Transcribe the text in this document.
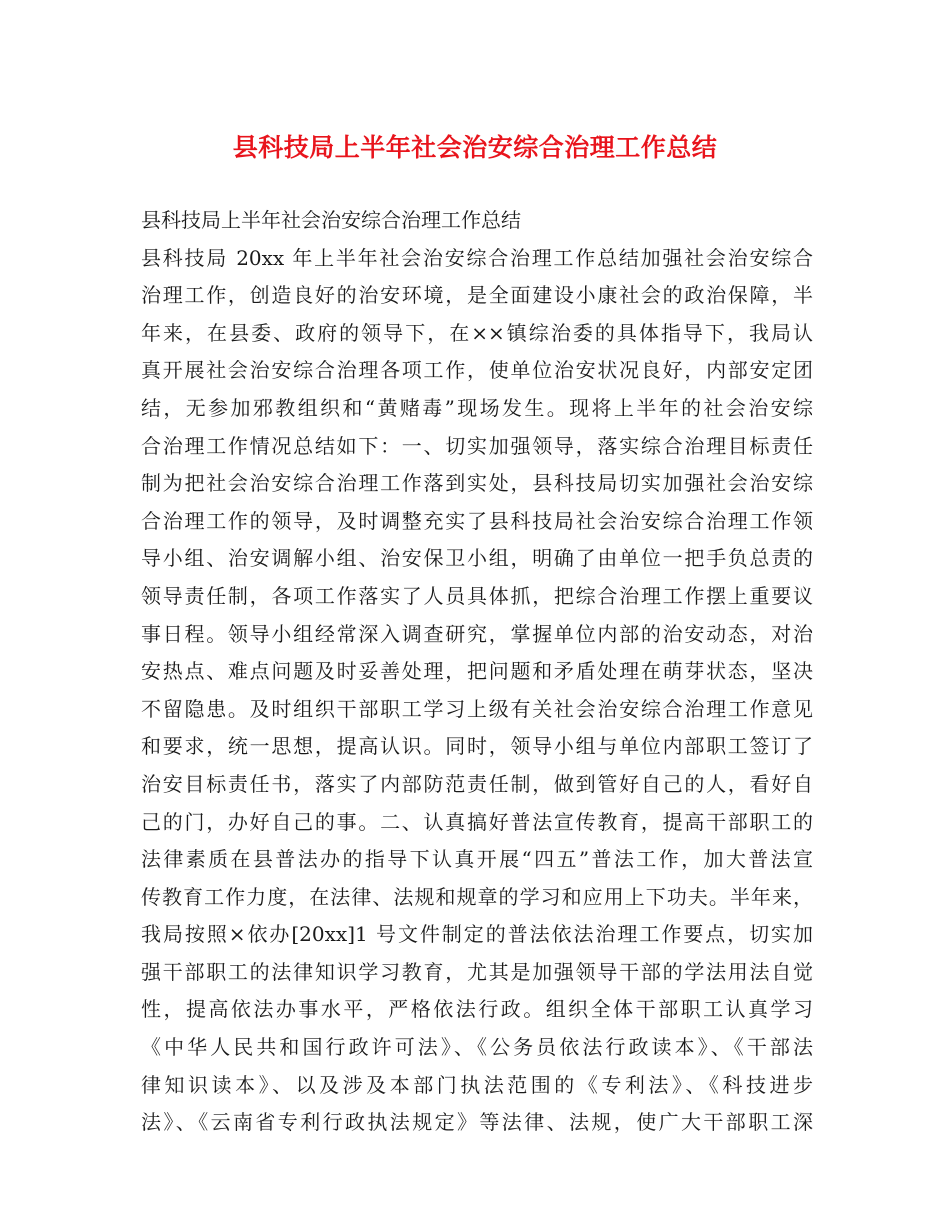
县科技局上半年社会治安综合治理工作总结
县科技局上半年社会治安综合治理工作总结
县科技局 20xx 年上半年社会治安综合治理工作总结加强社会治安综合
治理工作，创造良好的治安环境，是全面建设小康社会的政治保障，半
年来，在县委、政府的领导下，在××镇综治委的具体指导下，我局认
真开展社会治安综合治理各项工作，使单位治安状况良好，内部安定团
结，无参加邪教组织和“黄赌毒”现场发生。现将上半年的社会治安综
合治理工作情况总结如下：一、切实加强领导，落实综合治理目标责任
制为把社会治安综合治理工作落到实处，县科技局切实加强社会治安综
合治理工作的领导，及时调整充实了县科技局社会治安综合治理工作领
导小组、治安调解小组、治安保卫小组，明确了由单位一把手负总责的
领导责任制，各项工作落实了人员具体抓，把综合治理工作摆上重要议
事日程。领导小组经常深入调查研究，掌握单位内部的治安动态，对治
安热点、难点问题及时妥善处理，把问题和矛盾处理在萌芽状态，坚决
不留隐患。及时组织干部职工学习上级有关社会治安综合治理工作意见
和要求，统一思想，提高认识。同时，领导小组与单位内部职工签订了
治安目标责任书，落实了内部防范责任制，做到管好自己的人，看好自
己的门，办好自己的事。二、认真搞好普法宣传教育，提高干部职工的
法律素质在县普法办的指导下认真开展“四五”普法工作，加大普法宣
传教育工作力度，在法律、法规和规章的学习和应用上下功夫。半年来，
我局按照×依办[20xx]1 号文件制定的普法依法治理工作要点，切实加
强干部职工的法律知识学习教育，尤其是加强领导干部的学法用法自觉
性，提高依法办事水平，严格依法行政。组织全体干部职工认真学习
《中华人民共和国行政许可法》、《公务员依法行政读本》、《干部法
律知识读本》、以及涉及本部门执法范围的《专利法》、《科技进步
法》、《云南省专利行政执法规定》等法律、法规，使广大干部职工深
